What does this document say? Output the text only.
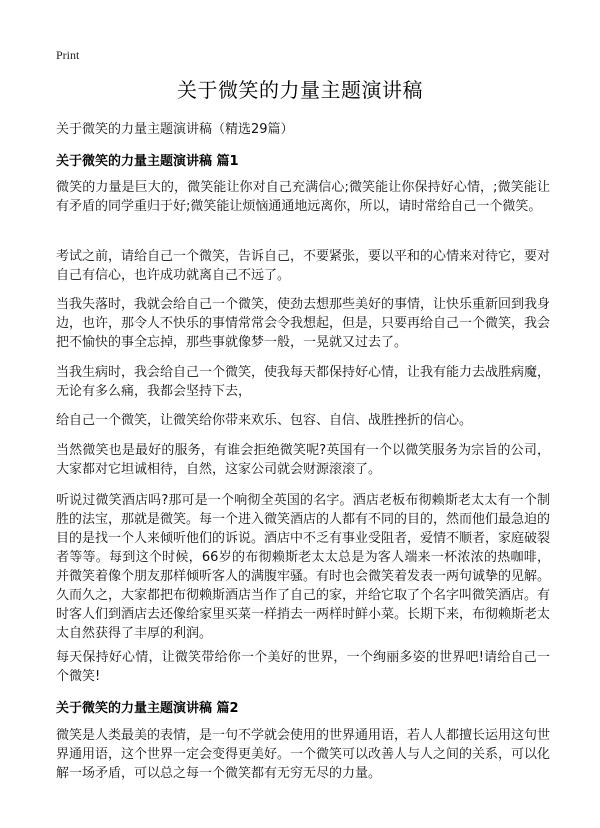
Print
关于微笑的力量主题演讲稿

关于微笑的力量主题演讲稿（精选29篇）

关于微笑的力量主题演讲稿 篇1

微笑的力量是巨大的，微笑能让你对自己充满信心;微笑能让你保持好心情，;微笑能让有矛盾的同学重归于好;微笑能让烦恼通通地远离你，所以，请时常给自己一个微笑。

考试之前，请给自己一个微笑，告诉自己，不要紧张，要以平和的心情来对待它，要对自己有信心，也许成功就离自己不远了。

当我失落时，我就会给自己一个微笑，使劲去想那些美好的事情，让快乐重新回到我身边，也许，那令人不快乐的事情常常会令我想起，但是，只要再给自己一个微笑，我会把不愉快的事全忘掉，那些事就像梦一般，一晃就又过去了。

当我生病时，我会给自己一个微笑，使我每天都保持好心情，让我有能力去战胜病魔，无论有多么痛，我都会坚持下去，

给自己一个微笑，让微笑给你带来欢乐、包容、自信、战胜挫折的信心。

当然微笑也是最好的服务，有谁会拒绝微笑呢?英国有一个以微笑服务为宗旨的公司，大家都对它坦诚相待，自然，这家公司就会财源滚滚了。

听说过微笑酒店吗?那可是一个响彻全英国的名字。酒店老板布彻赖斯老太太有一个制胜的法宝，那就是微笑。每一个进入微笑酒店的人都有不同的目的，然而他们最急迫的目的是找一个人来倾听他们的诉说。酒店中不乏有事业受阻者，爱情不顺者，家庭破裂者等等。每到这个时候，66岁的布彻赖斯老太太总是为客人端来一杯浓浓的热咖啡，并微笑着像个朋友那样倾听客人的满腹牢骚。有时也会微笑着发表一两句诚挚的见解。久而久之，大家都把布彻赖斯酒店当作了自己的家，并给它取了个名字叫微笑酒店。有时客人们到酒店去还像给家里买菜一样捎去一两样时鲜小菜。长期下来，布彻赖斯老太太自然获得了丰厚的利润。

每天保持好心情，让微笑带给你一个美好的世界，一个绚丽多姿的世界吧!请给自己一个微笑!

关于微笑的力量主题演讲稿 篇2

微笑是人类最美的表情，是一句不学就会使用的世界通用语，若人人都擅长运用这句世界通用语，这个世界一定会变得更美好。一个微笑可以改善人与人之间的关系，可以化解一场矛盾，可以总之每一个微笑都有无穷无尽的力量。
